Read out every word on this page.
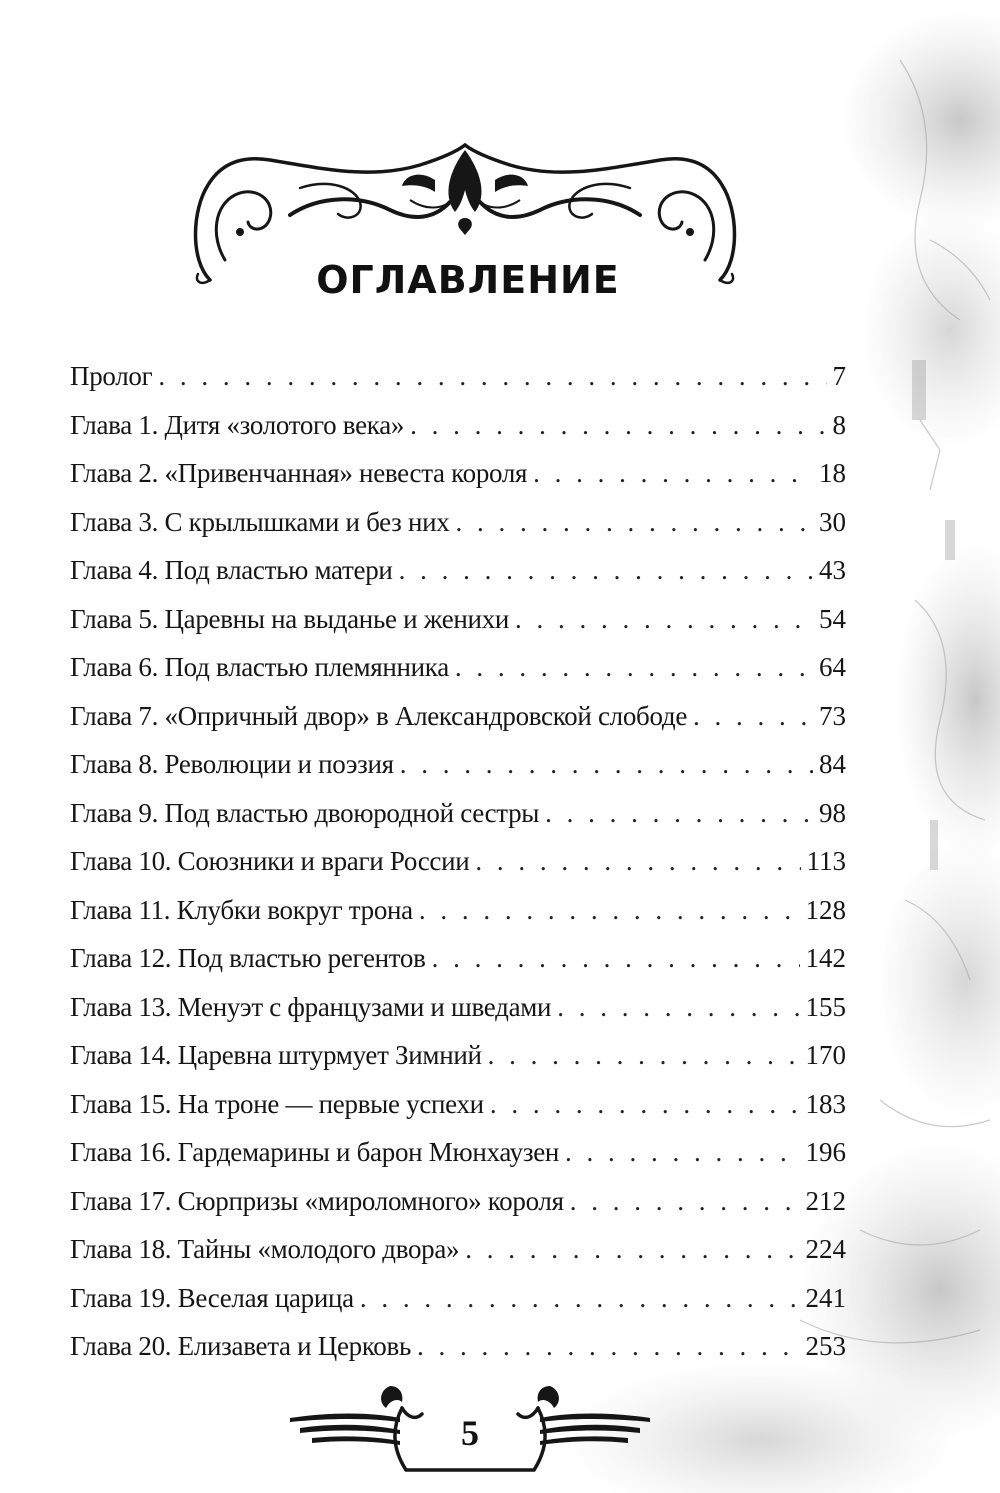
ОГЛАВЛЕНИЕ
Пролог . . .	7
Глава 1. Дитя «золотого века» . . .	8
Глава 2. «Привенчанная» невеста короля . . .	18
Глава 3. С крылышками и без них . . .	30
Глава 4. Под властью матери . . .	43
Глава 5. Царевны на выданье и женихи . . .	54
Глава 6. Под властью племянника . . .	64
Глава 7. «Опричный двор» в Александровской слободе . . .	73
Глава 8. Революции и поэзия . . .	84
Глава 9. Под властью двоюродной сестры . . .	98
Глава 10. Союзники и враги России . . .	113
Глава 11. Клубки вокруг трона . . .	128
Глава 12. Под властью регентов . . .	142
Глава 13. Менуэт с французами и шведами . . .	155
Глава 14. Царевна штурмует Зимний . . .	170
Глава 15. На троне — первые успехи . . .	183
Глава 16. Гардемарины и барон Мюнхаузен . . .	196
Глава 17. Сюрпризы «мироломного» короля . . .	212
Глава 18. Тайны «молодого двора» . . .	224
Глава 19. Веселая царица . . .	241
Глава 20. Елизавета и Церковь . . .	253
5
